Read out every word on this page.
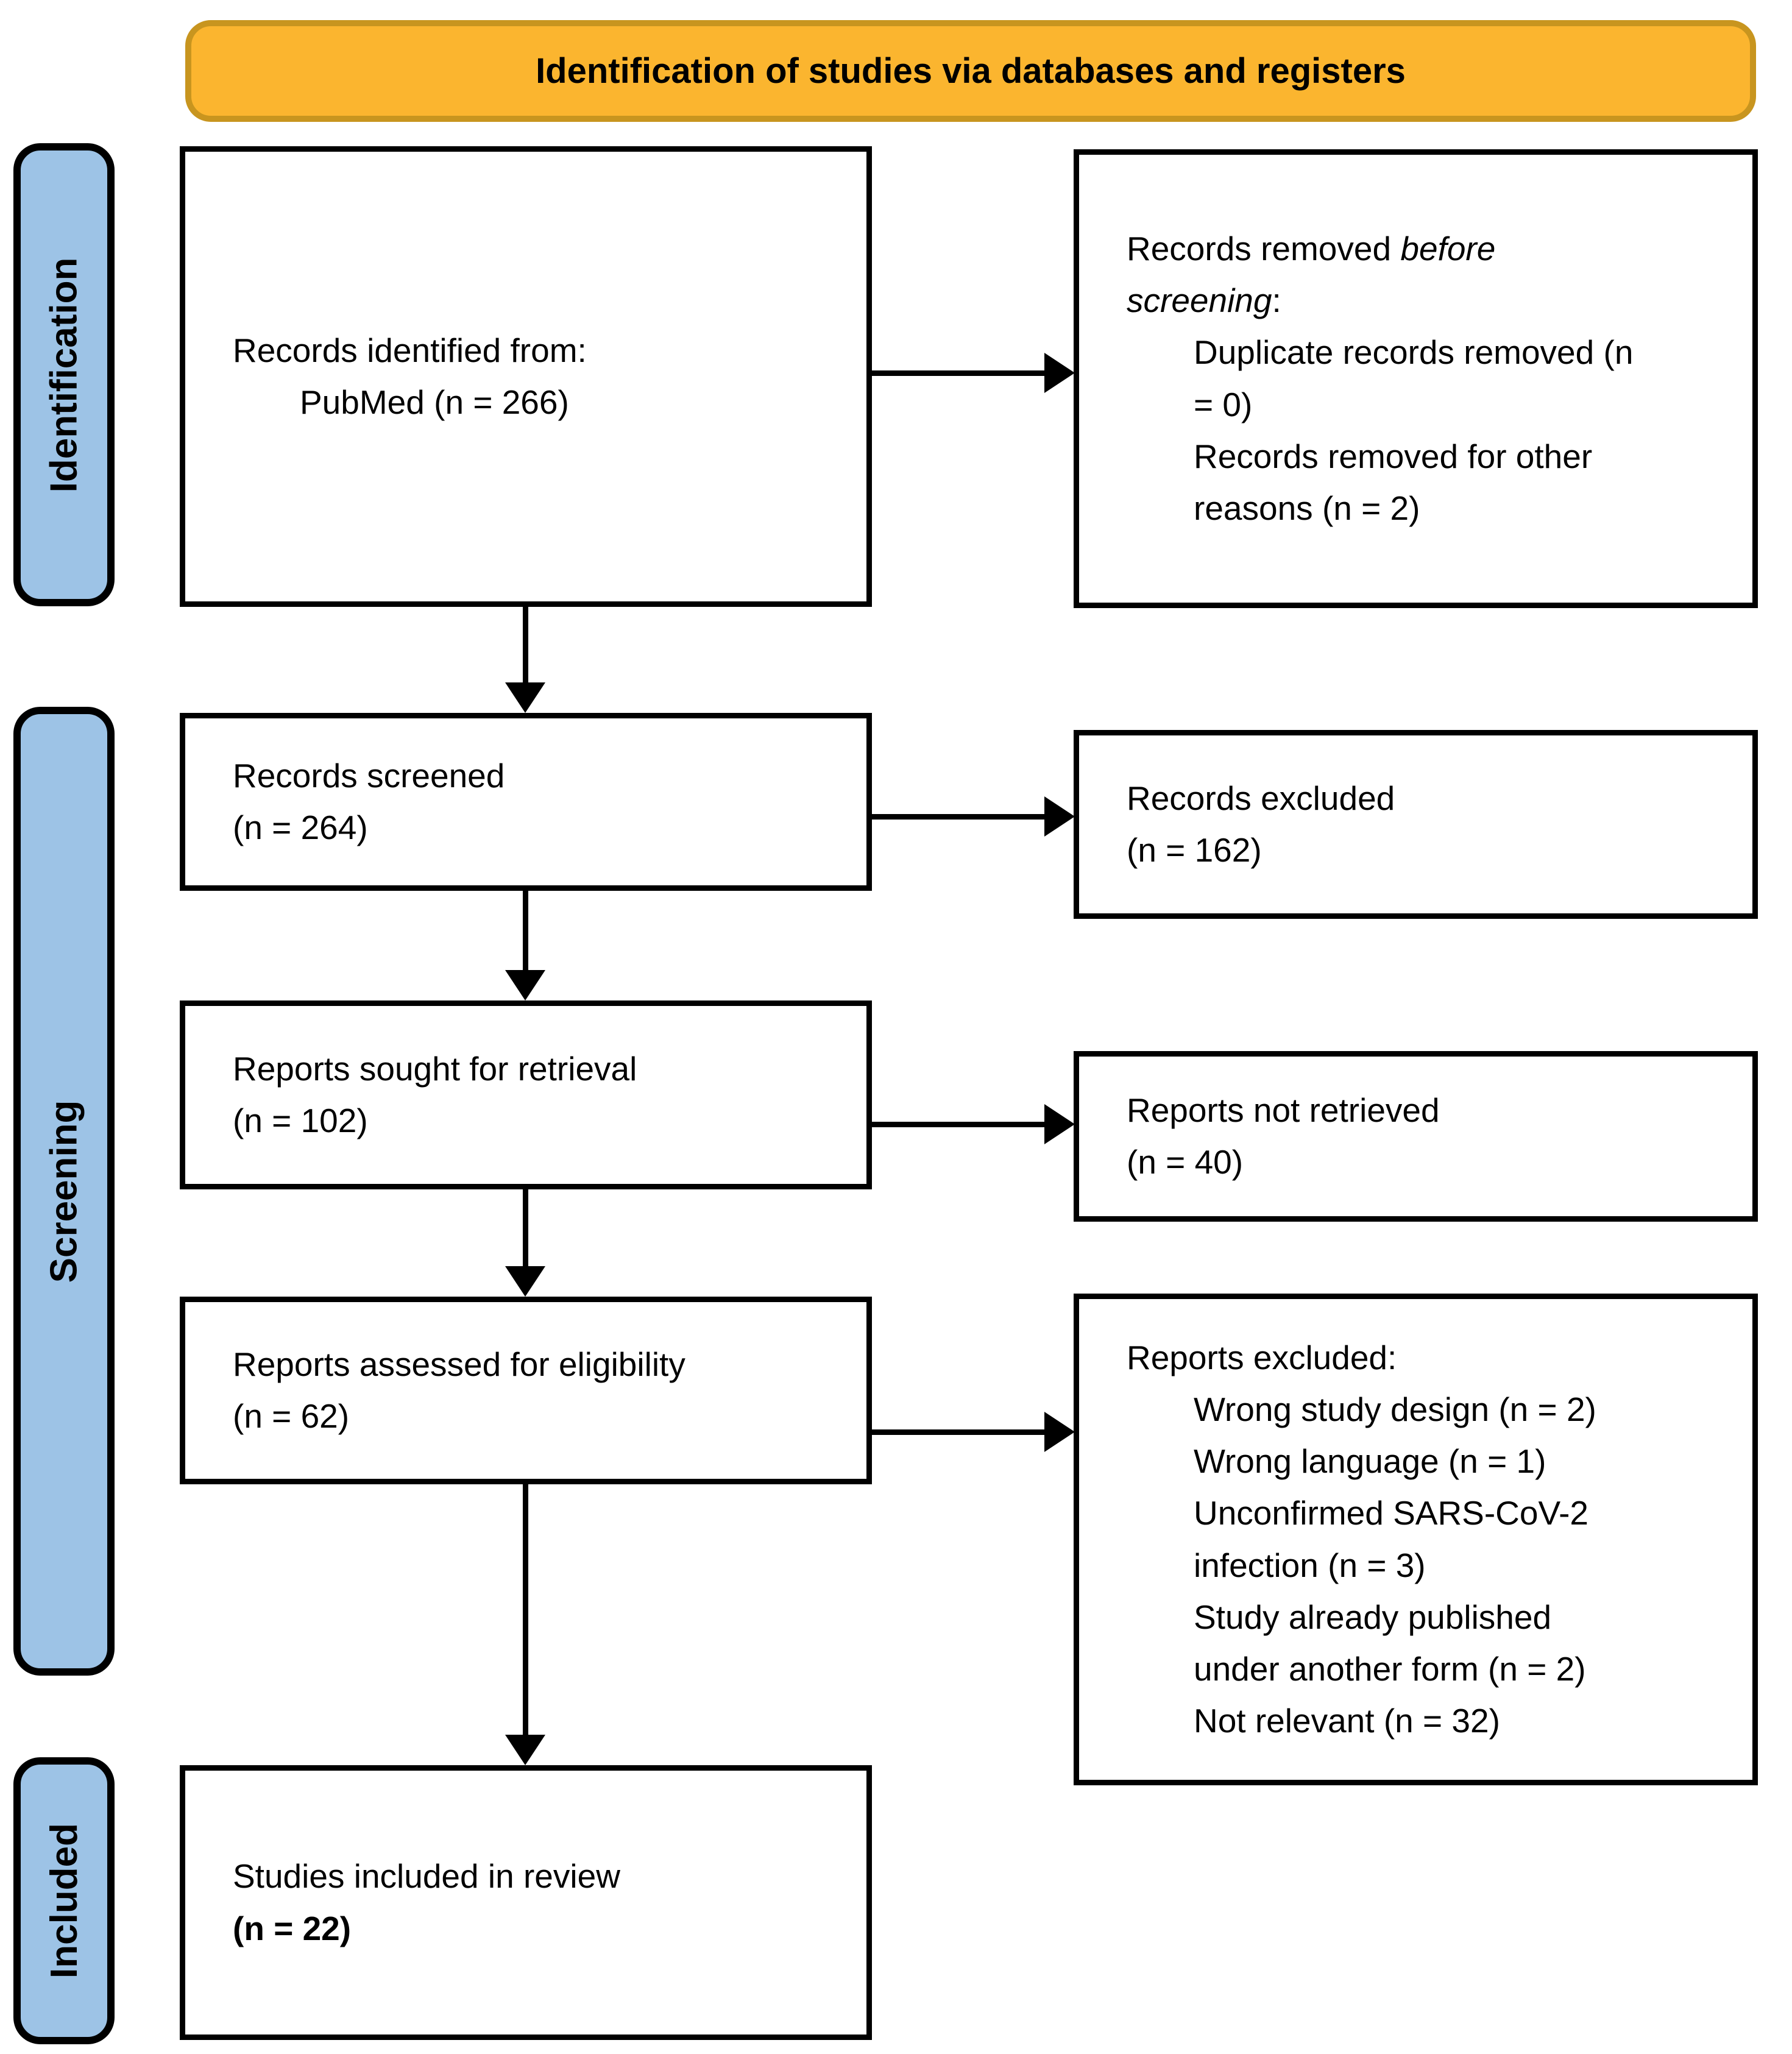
Identification of studies via databases and registers
Identification
Screening
Included
Records identified from:
PubMed (n = 266)
Records removed before screening:
Duplicate records removed (n = 0)
Records removed for other reasons (n = 2)
Records screened
(n = 264)
Records excluded
(n = 162)
Reports sought for retrieval
(n = 102)	Reports not retrieved
(n = 40)
Reports assessed for eligibility
(n = 62)
Reports excluded:
Wrong study design (n = 2)
Wrong language (n = 1)
Unconfirmed SARS-CoV-2 infection (n = 3)
Study already published under another form (n = 2)
Not relevant (n = 32)
Studies included in review
(n = 22)
